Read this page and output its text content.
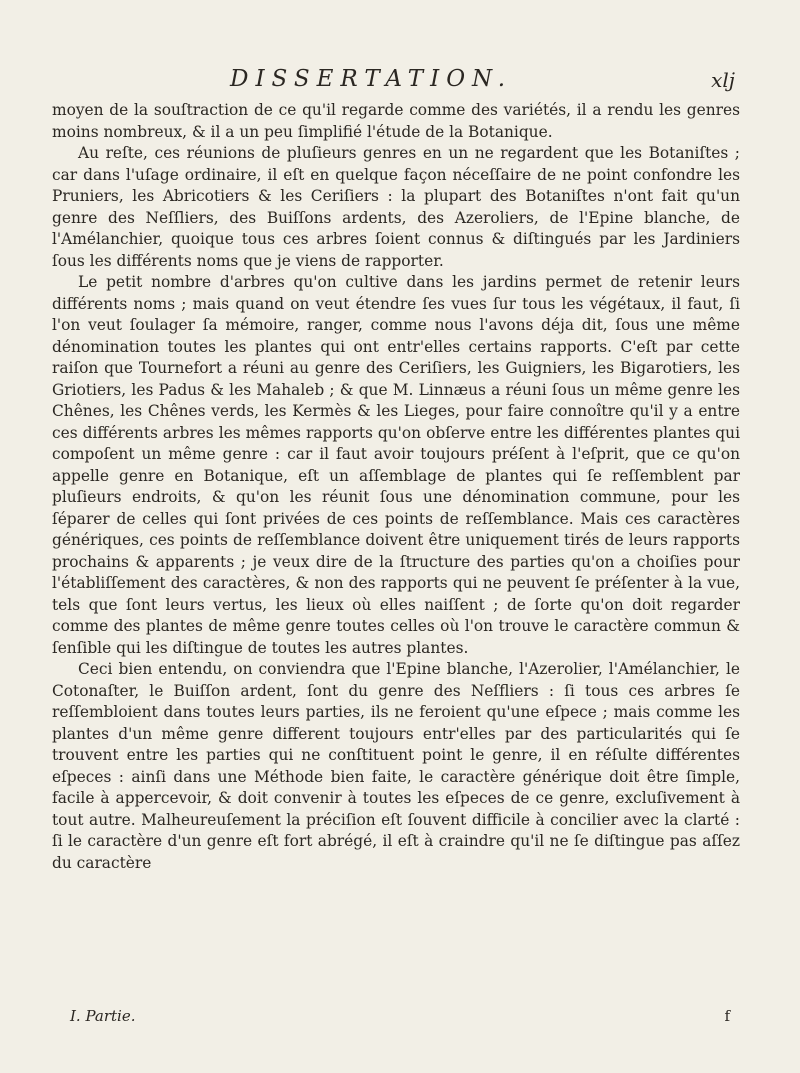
DISSERTATION.	xlj

moyen de la souſtraction de ce qu'il regarde comme des variétés, il a rendu les genres moins nombreux, & il a un peu ſimplifié l'étude de la Botanique.

Au reſte, ces réunions de pluſieurs genres en un ne regardent que les Botaniſtes ; car dans l'uſage ordinaire, il eſt en quelque façon néceſſaire de ne point confondre les Pruniers, les Abricotiers & les Ceriſiers : la plupart des Botaniſtes n'ont fait qu'un genre des Neſſliers, des Buiſſons ardents, des Azeroliers, de l'Epine blanche, de l'Amélanchier, quoique tous ces arbres ſoient connus & diſtingués par les Jardiniers ſous les différents noms que je viens de rapporter.

Le petit nombre d'arbres qu'on cultive dans les jardins permet de retenir leurs différents noms ; mais quand on veut étendre ſes vues ſur tous les végétaux, il faut, ſi l'on veut ſoulager ſa mémoire, ranger, comme nous l'avons déja dit, ſous une même dénomination toutes les plantes qui ont entr'elles certains rapports. C'eſt par cette raiſon que Tournefort a réuni au genre des Ceriſiers, les Guigniers, les Bigarotiers, les Griotiers, les Padus & les Mahaleb ; & que M. Linnæus a réuni ſous un même genre les Chênes, les Chênes verds, les Kermès & les Lieges, pour faire connoître qu'il y a entre ces différents arbres les mêmes rapports qu'on obſerve entre les différentes plantes qui compoſent un même genre : car il faut avoir toujours préſent à l'eſprit, que ce qu'on appelle genre en Botanique, eſt un aſſemblage de plantes qui ſe reſſemblent par pluſieurs endroits, & qu'on les réunit ſous une dénomination commune, pour les ſéparer de celles qui ſont privées de ces points de reſſemblance. Mais ces caractères génériques, ces points de reſſemblance doivent être uniquement tirés de leurs rapports prochains & apparents ; je veux dire de la ſtructure des parties qu'on a choiſies pour l'établiſſement des caractères, & non des rapports qui ne peuvent ſe préſenter à la vue, tels que ſont leurs vertus, les lieux où elles naiſſent ; de ſorte qu'on doit regarder comme des plantes de même genre toutes celles où l'on trouve le caractère commun & ſenſible qui les diſtingue de toutes les autres plantes.

Ceci bien entendu, on conviendra que l'Epine blanche, l'Azerolier, l'Amélanchier, le Cotonaſter, le Buiſſon ardent, ſont du genre des Neſfliers : ſi tous ces arbres ſe reſſembloient dans toutes leurs parties, ils ne feroient qu'une eſpece ; mais comme les plantes d'un même genre different toujours entr'elles par des particularités qui ſe trouvent entre les parties qui ne conſtituent point le genre, il en réſulte différentes eſpeces : ainſi dans une Méthode bien faite, le caractère générique doit être ſimple, facile à appercevoir, & doit convenir à toutes les eſpeces de ce genre, excluſivement à tout autre. Malheureuſement la préciſion eſt ſouvent difficile à concilier avec la clarté : ſi le caractère d'un genre eſt fort abrégé, il eſt à craindre qu'il ne ſe diſtingue pas aſſez du caractère

I. Partie.	f
